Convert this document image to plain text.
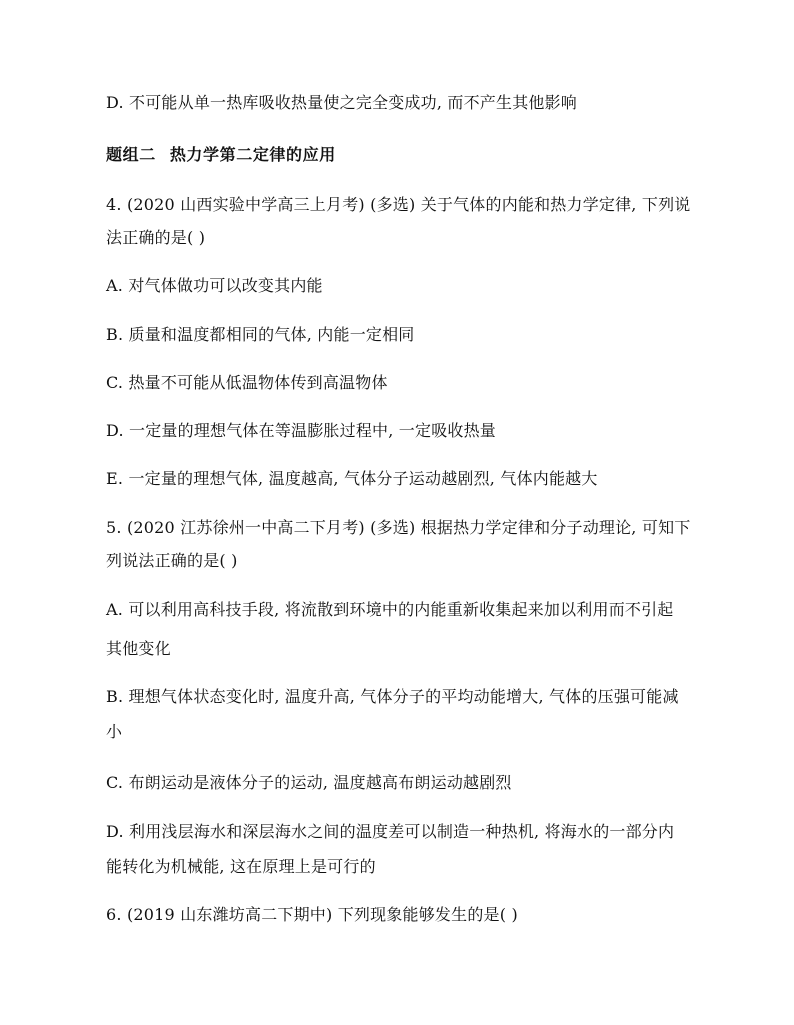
D. 不可能从单一热库吸收热量使之完全变成功, 而不产生其他影响
题组二 热力学第二定律的应用
4. (2020 山西实验中学高三上月考) (多选) 关于气体的内能和热力学定律, 下列说
法正确的是( )
A. 对气体做功可以改变其内能
B. 质量和温度都相同的气体, 内能一定相同
C. 热量不可能从低温物体传到高温物体
D. 一定量的理想气体在等温膨胀过程中, 一定吸收热量
E. 一定量的理想气体, 温度越高, 气体分子运动越剧烈, 气体内能越大
5. (2020 江苏徐州一中高二下月考) (多选) 根据热力学定律和分子动理论, 可知下
列说法正确的是( )
A. 可以利用高科技手段, 将流散到环境中的内能重新收集起来加以利用而不引起
其他变化
B. 理想气体状态变化时, 温度升高, 气体分子的平均动能增大, 气体的压强可能减
小
C. 布朗运动是液体分子的运动, 温度越高布朗运动越剧烈
D. 利用浅层海水和深层海水之间的温度差可以制造一种热机, 将海水的一部分内
能转化为机械能, 这在原理上是可行的
6. (2019 山东潍坊高二下期中) 下列现象能够发生的是( )
